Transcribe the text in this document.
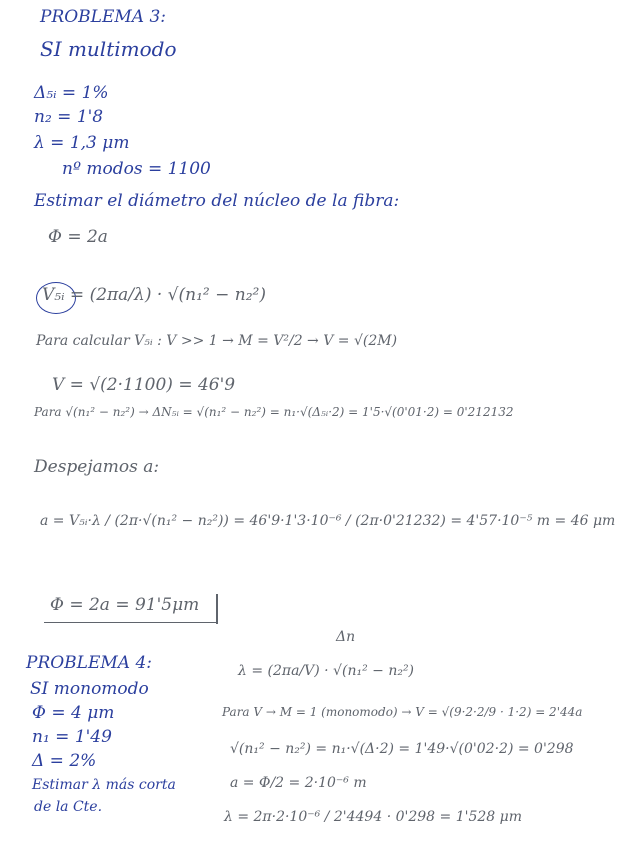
PROBLEMA 3:
SI multimodo
Δ₅ᵢ = 1%
n₂ = 1'8
λ = 1,3 μm
nº modos = 1100
Estimar el diámetro del núcleo de la fibra:
Φ = 2a
V₅ᵢ = (2πa/λ) · √(n₁² − n₂²)
Para calcular V₅ᵢ : V >> 1 → M = V²/2 → V = √(2M)
V = √(2·1100) = 46'9
Para √(n₁² − n₂²) → ΔN₅ᵢ = √(n₁² − n₂²) = n₁·√(Δ₅ᵢ·2) = 1'5·√(0'01·2) = 0'212132
Despejamos a:
a = V₅ᵢ·λ / (2π·√(n₁² − n₂²)) = 46'9·1'3·10⁻⁶ / (2π·0'21232) = 4'57·10⁻⁵ m = 46 μm
Φ = 2a = 91'5μm
PROBLEMA 4:
SI monomodo
Φ = 4 μm
n₁ = 1'49
Δ = 2%
Estimar λ más corta
de la Cte.
Δn
λ = (2πa/V) · √(n₁² − n₂²)
Para V → M = 1 (monomodo) → V = √(9·2·2/9 · 1·2) = 2'44a
√(n₁² − n₂²) = n₁·√(Δ·2) = 1'49·√(0'02·2) = 0'298
a = Φ/2 = 2·10⁻⁶ m
λ = 2π·2·10⁻⁶ / 2'4494 · 0'298 = 1'528 μm
